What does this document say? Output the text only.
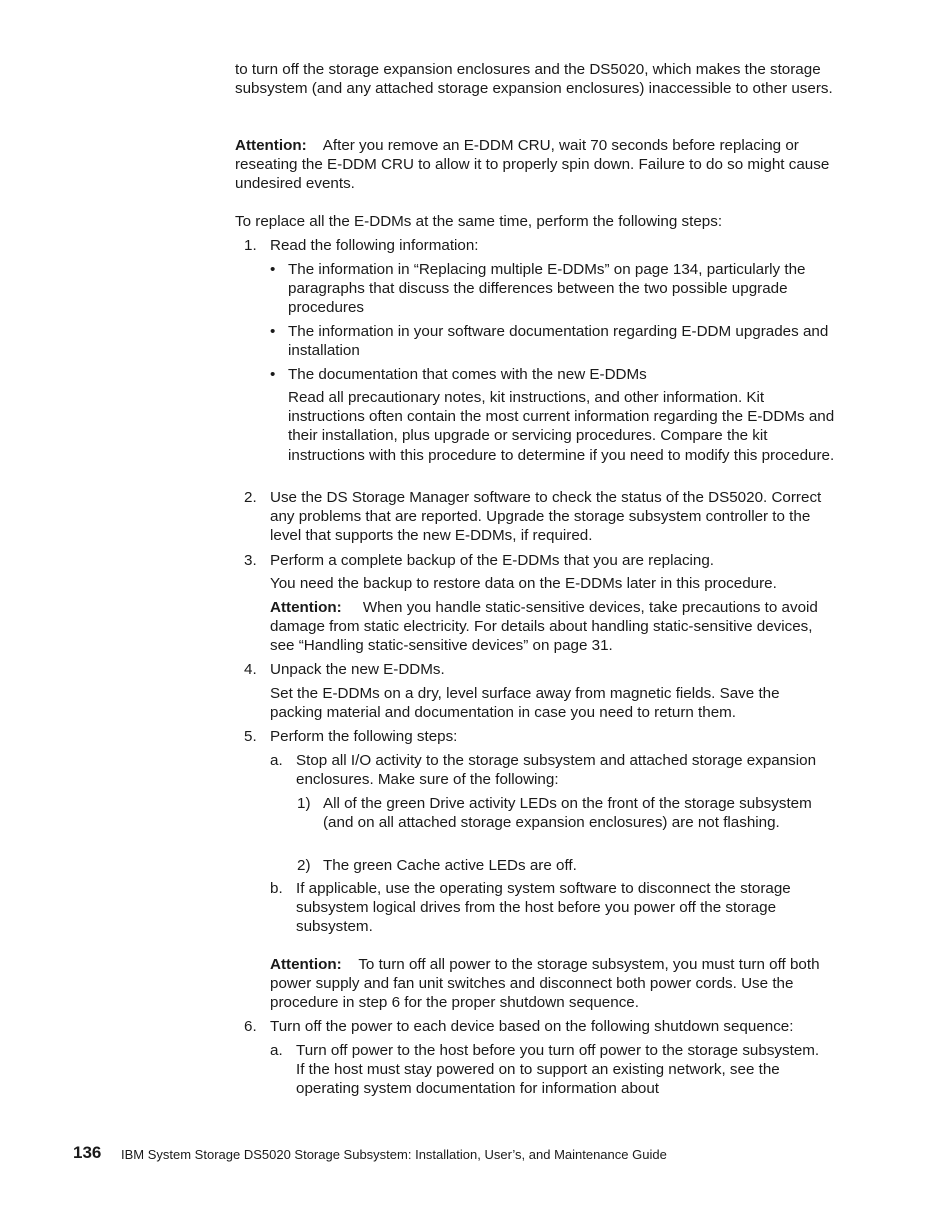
to turn off the storage expansion enclosures and the DS5020, which makes the storage subsystem (and any attached storage expansion enclosures) inaccessible to other users.

Attention: After you remove an E-DDM CRU, wait 70 seconds before replacing or reseating the E-DDM CRU to allow it to properly spin down. Failure to do so might cause undesired events.

To replace all the E-DDMs at the same time, perform the following steps:

1. Read the following information:

• The information in “Replacing multiple E-DDMs” on page 134, particularly the paragraphs that discuss the differences between the two possible upgrade procedures

• The information in your software documentation regarding E-DDM upgrades and installation

• The documentation that comes with the new E-DDMs

Read all precautionary notes, kit instructions, and other information. Kit instructions often contain the most current information regarding the E-DDMs and their installation, plus upgrade or servicing procedures. Compare the kit instructions with this procedure to determine if you need to modify this procedure.

2. Use the DS Storage Manager software to check the status of the DS5020. Correct any problems that are reported. Upgrade the storage subsystem controller to the level that supports the new E-DDMs, if required.

3. Perform a complete backup of the E-DDMs that you are replacing.

You need the backup to restore data on the E-DDMs later in this procedure.

Attention: When you handle static-sensitive devices, take precautions to avoid damage from static electricity. For details about handling static-sensitive devices, see “Handling static-sensitive devices” on page 31.

4. Unpack the new E-DDMs.

Set the E-DDMs on a dry, level surface away from magnetic fields. Save the packing material and documentation in case you need to return them.

5. Perform the following steps:

a. Stop all I/O activity to the storage subsystem and attached storage expansion enclosures. Make sure of the following:

1) All of the green Drive activity LEDs on the front of the storage subsystem (and on all attached storage expansion enclosures) are not flashing.

2) The green Cache active LEDs are off.

b. If applicable, use the operating system software to disconnect the storage subsystem logical drives from the host before you power off the storage subsystem.

Attention: To turn off all power to the storage subsystem, you must turn off both power supply and fan unit switches and disconnect both power cords. Use the procedure in step 6 for the proper shutdown sequence.

6. Turn off the power to each device based on the following shutdown sequence:

a. Turn off power to the host before you turn off power to the storage subsystem. If the host must stay powered on to support an existing network, see the operating system documentation for information about

136 IBM System Storage DS5020 Storage Subsystem: Installation, User’s, and Maintenance Guide
